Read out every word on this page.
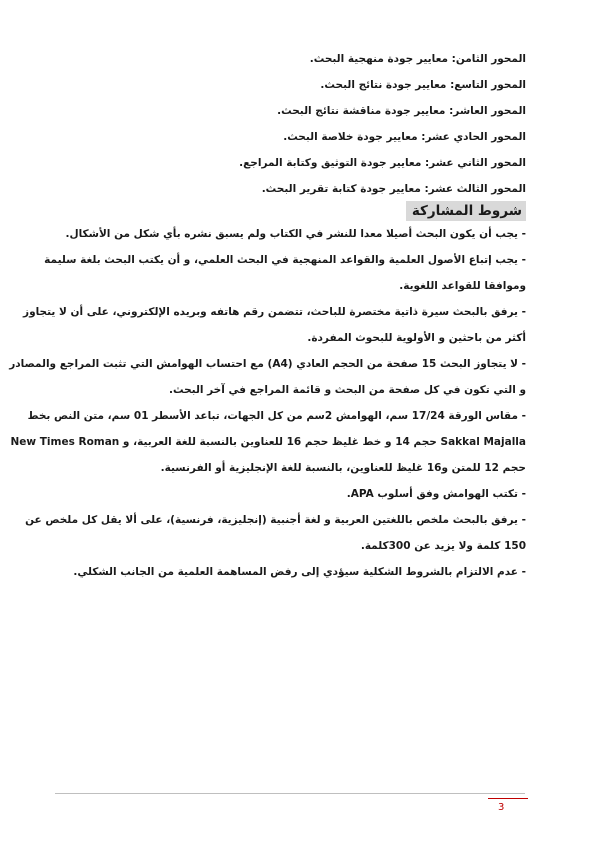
المحور الثامن: معايير جودة منهجية البحث.

المحور التاسع: معايير جودة نتائج البحث.

المحور العاشر: معايير جودة مناقشة نتائج البحث.

المحور الحادي عشر: معايير جودة خلاصة البحث.

المحور الثاني عشر: معايير جودة التوثيق وكتابة المراجع.

المحور الثالث عشر: معايير جودة كتابة تقرير البحث.

شروط المشاركة
- يجب أن يكون البحث أصيلا معدا للنشر في الكتاب ولم يسبق نشره بأي شكل من الأشكال.
- يجب إتباع الأصول العلمية والقواعد المنهجية في البحث العلمي، و أن يكتب البحث بلغة سليمة
وموافقا للقواعد اللغوية.
- يرفق بالبحث سيرة ذاتية مختصرة للباحث، تتضمن رقم هاتفه وبريده الإلكتروني، على أن لا يتجاوز
أكثر من باحثين و الأولوية للبحوث المفردة.
- لا يتجاوز البحث 15 صفحة من الحجم العادي (A4) مع احتساب الهوامش التي تثبت المراجع والمصادر
و التي تكون في كل صفحة من البحث و قائمة المراجع في آخر البحث.
- مقاس الورقة 17/24 سم، الهوامش 2سم من كل الجهات، تباعد الأسطر 01 سم، متن النص بخط
Sakkal Majalla حجم 14 و خط غليظ حجم 16 للعناوين بالنسبة للغة العربية، و New Times Roman
حجم 12 للمتن و16 غليظ للعناوين، بالنسبة للغة الإنجليزية أو الفرنسية.
- تكتب الهوامش وفق أسلوب APA.
- يرفق بالبحث ملخص باللغتين العربية و لغة أجنبية (إنجليزية، فرنسية)، على ألا يقل كل ملخص عن
150 كلمة ولا يزيد عن 300كلمة.
- عدم الالتزام بالشروط الشكلية سيؤدي إلى رفض المساهمة العلمية من الجانب الشكلي.
3
